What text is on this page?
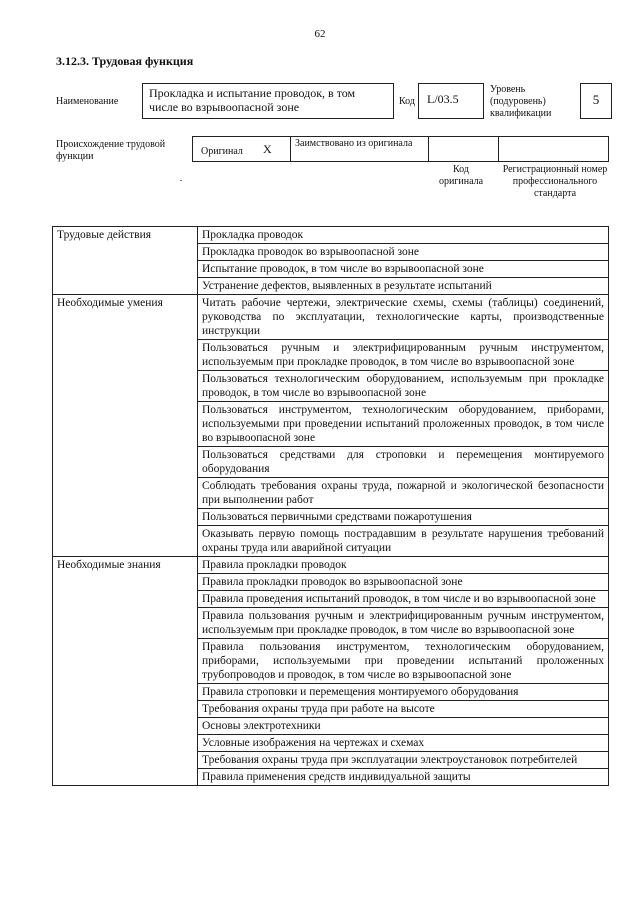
62
3.12.3. Трудовая функция
Наименование
Прокладка и испытание проводок, в том числе во взрывоопасной зоне	Код	L/03.5
Уровень (подуровень) квалификации
5
Происхождение трудовой функции	Оригинал X Заимствовано из оригинала
Код оригинала
Регистрационный номер профессионального стандарта
Трудовые действия	Прокладка проводок
	Прокладка проводок во взрывоопасной зоне
	Испытание проводок, в том числе во взрывоопасной зоне
	Устранение дефектов, выявленных в результате испытаний
Необходимые умения	Читать рабочие чертежи, электрические схемы, схемы (таблицы) соединений, руководства по эксплуатации, технологические карты, производственные инструкции
	Пользоваться ручным и электрифицированным ручным инструментом, используемым при прокладке проводок, в том числе во взрывоопасной зоне
	Пользоваться технологическим оборудованием, используемым при прокладке проводок, в том числе во взрывоопасной зоне
	Пользоваться инструментом, технологическим оборудованием, приборами, используемыми при проведении испытаний проложенных проводок, в том числе во взрывоопасной зоне
	Пользоваться средствами для строповки и перемещения монтируемого оборудования
	Соблюдать требования охраны труда, пожарной и экологической безопасности при выполнении работ
	Пользоваться первичными средствами пожаротушения
	Оказывать первую помощь пострадавшим в результате нарушения требований охраны труда или аварийной ситуации
Необходимые знания	Правила прокладки проводок
	Правила прокладки проводок во взрывоопасной зоне
	Правила проведения испытаний проводок, в том числе и во взрывоопасной зоне
	Правила пользования ручным и электрифицированным ручным инструментом, используемым при прокладке проводок, в том числе во взрывоопасной зоне
	Правила пользования инструментом, технологическим оборудованием, приборами, используемыми при проведении испытаний проложенных трубопроводов и проводок, в том числе во взрывоопасной зоне
	Правила строповки и перемещения монтируемого оборудования
	Требования охраны труда при работе на высоте
	Основы электротехники
	Условные изображения на чертежах и схемах
	Требования охраны труда при эксплуатации электроустановок потребителей
	Правила применения средств индивидуальной защиты
